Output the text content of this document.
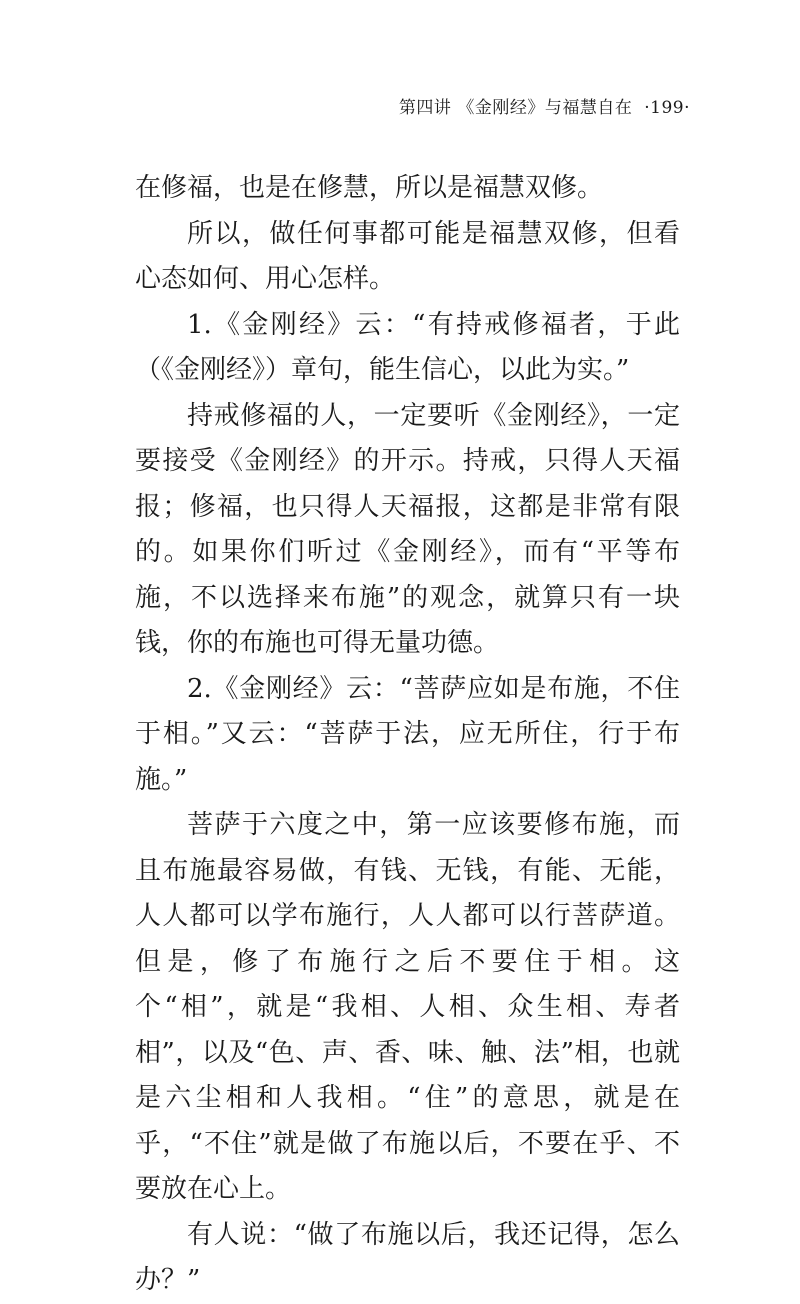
第四讲 《金刚经》与福慧自在 ·199·

在修福，也是在修慧，所以是福慧双修。

所以，做任何事都可能是福慧双修，但看心态如何、用心怎样。

1.《金刚经》云：“有持戒修福者，于此（《金刚经》）章句，能生信心，以此为实。”

持戒修福的人，一定要听《金刚经》，一定要接受《金刚经》的开示。持戒，只得人天福报；修福，也只得人天福报，这都是非常有限的。如果你们听过《金刚经》，而有“平等布施，不以选择来布施”的观念，就算只有一块钱，你的布施也可得无量功德。

2.《金刚经》云：“菩萨应如是布施，不住于相。”又云：“菩萨于法，应无所住，行于布施。”

菩萨于六度之中，第一应该要修布施，而且布施最容易做，有钱、无钱，有能、无能，人人都可以学布施行，人人都可以行菩萨道。但是，修了布施行之后不要住于相。这个“相”，就是“我相、人相、众生相、寿者相”，以及“色、声、香、味、触、法”相，也就是六尘相和人我相。“住”的意思，就是在乎，“不住”就是做了布施以后，不要在乎、不要放在心上。

有人说：“做了布施以后，我还记得，怎么办？”
